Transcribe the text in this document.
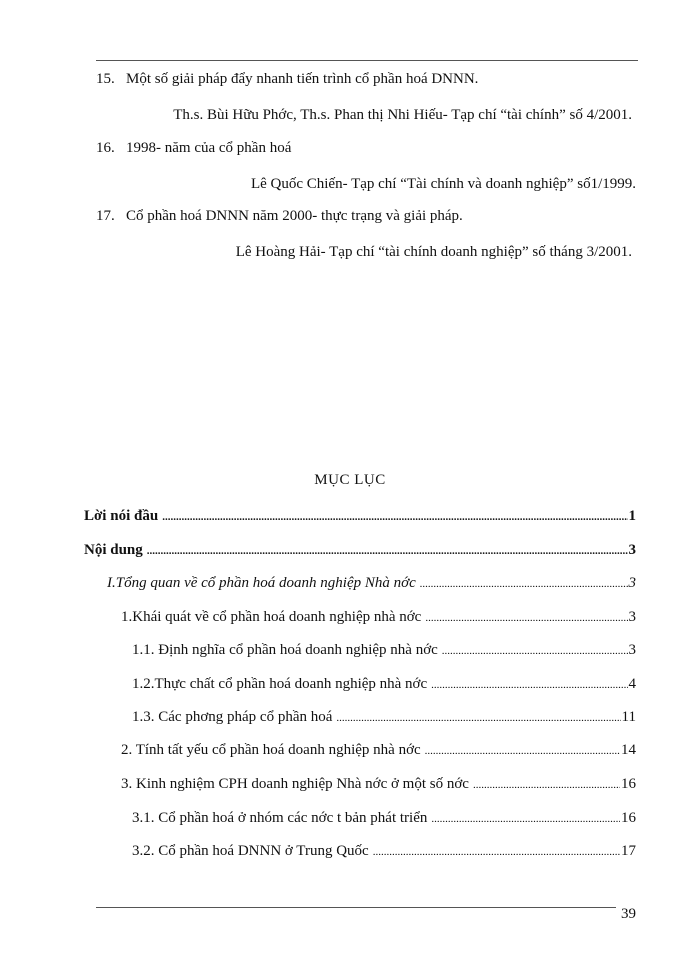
15. Một số giải pháp đẩy nhanh tiến trình cổ phần hoá DNNN.
Th.s. Bùi Hữu Phớc, Th.s. Phan thị Nhi Hiếu- Tạp chí “tài chính” số 4/2001.
16. 1998- năm của cổ phần hoá
Lê Quốc Chiến- Tạp chí “Tài chính và doanh nghiệp” số1/1999.
17. Cổ phần hoá DNNN năm 2000- thực trạng và giải pháp.
Lê Hoàng Hải- Tạp chí “tài chính doanh nghiệp” số tháng 3/2001.
MỤC LỤC
Lời nói đầu .....	1
Nội dung .....	3
I.Tổng quan về cổ phần hoá doanh nghiệp Nhà nớc .....	3
1.Khái quát về cổ phần hoá doanh nghiệp nhà nớc .....	3
1.1. Định nghĩa cổ phần hoá doanh nghiệp nhà nớc .....	3
1.2.Thực chất cổ phần hoá doanh nghiệp nhà nớc .....	4
1.3. Các phơng pháp cổ phần hoá .....	11
2. Tính tất yếu cổ phần hoá doanh nghiệp nhà nớc .....	14
3. Kinh nghiệm CPH doanh nghiệp Nhà nớc ở một số nớc .....	16
3.1. Cổ phần hoá ở nhóm các nớc t bản phát triển .....	16
3.2. Cổ phần hoá DNNN ở Trung Quốc .....	17
39
